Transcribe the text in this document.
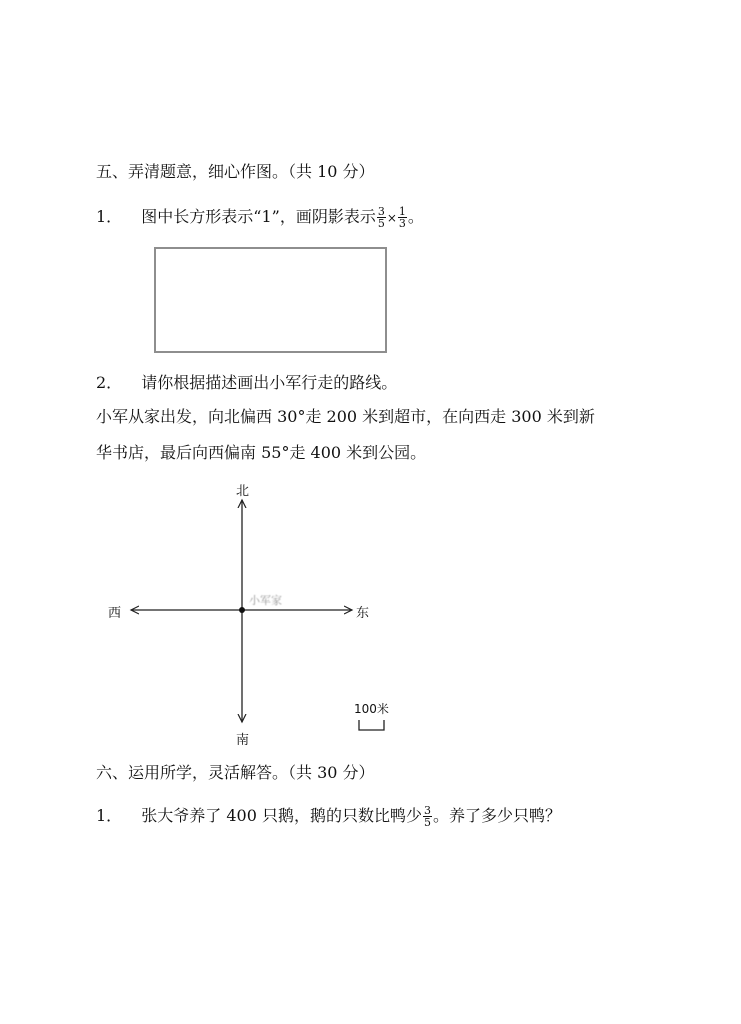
五、弄清题意，细心作图。（共 10 分）
1． 图中长方形表示“1”，画阴影表示 $\frac{3}{5} \times \frac{1}{3}$ 。
2． 请你根据描述画出小军行走的路线。
小军从家出发，向北偏西 30°走 200 米到超市，在向西走 300 米到新
华书店，最后向西偏南 55°走 400 米到公园。
北
南
东
西
小军家
100米
六、运用所学，灵活解答。（共 30 分）
1． 张大爷养了 400 只鹅，鹅的只数比鸭少 $\frac{3}{5}$ 。养了多少只鸭？
